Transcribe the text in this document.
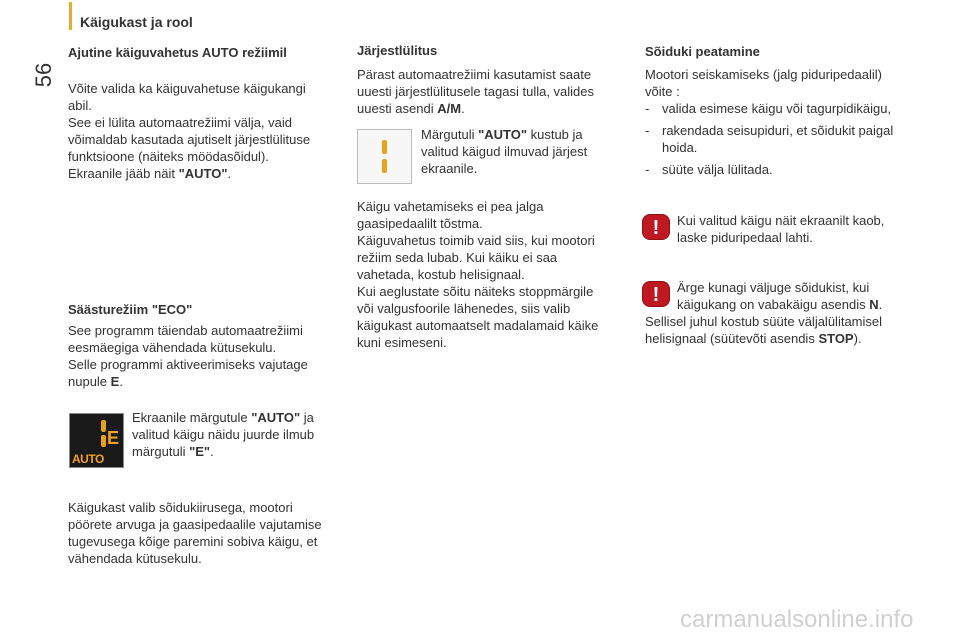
Käigukast ja rool
56
Ajutine käiguvahetus AUTO režiimil

Võite valida ka käiguvahetuse käigukangi

abil.

See ei lülita automaatrežiimi välja, vaid

võimaldab kasutada ajutiselt järjestlülituse

funktsioone (näiteks möödasõidul).

Ekraanile jääb näit "AUTO".

Säästurežiim "ECO"

See programm täiendab automaatrežiimi

eesmäegiga vähendada kütusekulu.

Selle programmi aktiveerimiseks vajutage

nupule E.

E
AUTO

Ekraanile märgutule "AUTO" ja

valitud käigu näidu juurde ilmub

märgutuli "E".

Käigukast valib sõidukiirusega, mootori

pöörete arvuga ja gaasipedaalile vajutamise

tugevusega kõige paremini sobiva käigu, et

vähendada kütusekulu.

Järjestlülitus

Pärast automaatrežiimi kasutamist saate

uuesti järjestlülitusele tagasi tulla, valides

uuesti asendi A/M.

Märgutuli "AUTO" kustub ja

valitud käigud ilmuvad järjest

ekraanile.

Käigu vahetamiseks ei pea jalga

gaasipedaalilt tõstma.

Käiguvahetus toimib vaid siis, kui mootori

režiim seda lubab. Kui käiku ei saa

vahetada, kostub helisignaal.

Kui aeglustate sõitu näiteks stoppmärgile

või valgusfoorile lähenedes, siis valib

käigukast automaatselt madalamaid käike

kuni esimeseni.

Sõiduki peatamine

Mootori seiskamiseks (jalg piduripedaalil)

võite :

- valida esimese käigu või tagurpidikäigu,
- rakendada seisupiduri, et sõidukit paigal
hoida.
- süüte välja lülitada.
!	Kui valitud käigu näit ekraanilt kaob,

laske piduripedaal lahti.

!	Ärge kunagi väljuge sõidukist, kui

käigukang on vabakäigu asendis N.

Sellisel juhul kostub süüte väljalülitamisel

helisignaal (süütevõti asendis STOP).

carmanualsonline.info
